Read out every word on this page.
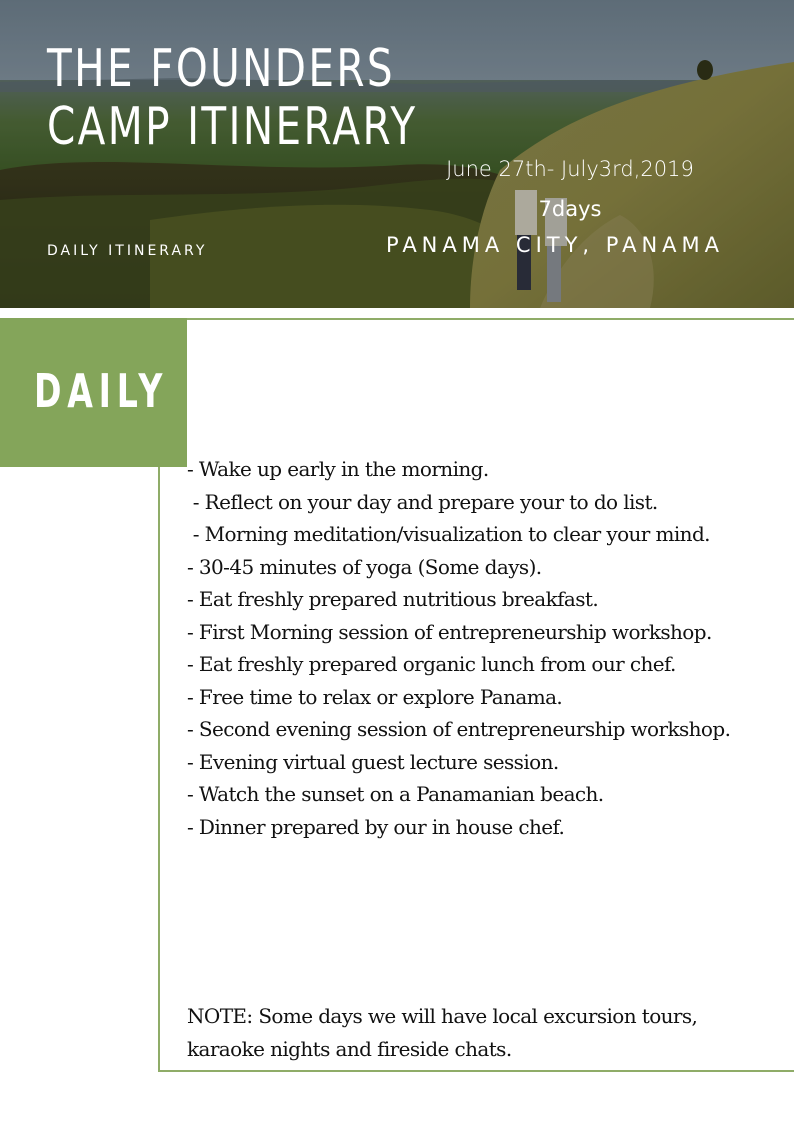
THE FOUNDERS
CAMP ITINERARY
DAILY ITINERARY
June 27th- July3rd,2019
7days
PANAMA CITY, PANAMA
DAILY
- Wake up early in the morning.
- Reflect on your day and prepare your to do list.
- Morning meditation/visualization to clear your mind.
- 30-45 minutes of yoga (Some days).
- Eat freshly prepared nutritious breakfast.
- First Morning session of entrepreneurship workshop.
- Eat freshly prepared organic lunch from our chef.
- Free time to relax or explore Panama.
- Second evening session of entrepreneurship workshop.
- Evening virtual guest lecture session.
- Watch the sunset on a Panamanian beach.
- Dinner prepared by our in house chef.

NOTE: Some days we will have local excursion tours, karaoke nights and fireside chats.
